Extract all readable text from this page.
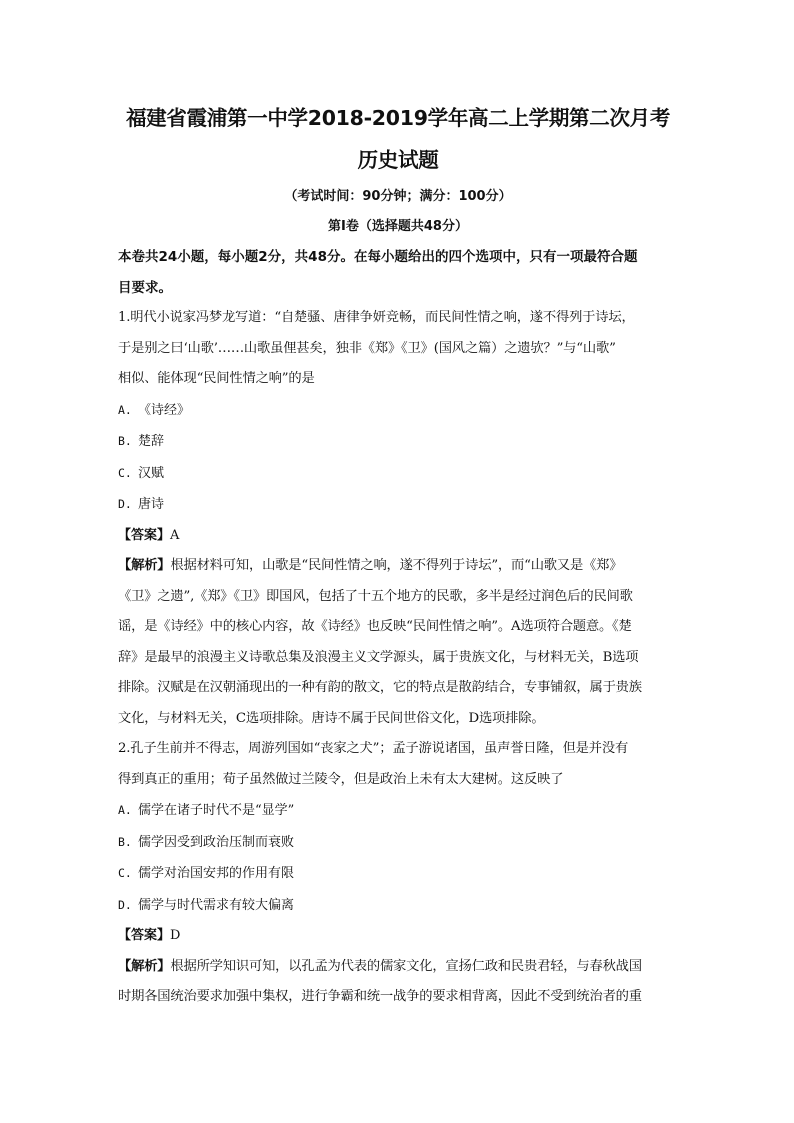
福建省霞浦第一中学2018-2019学年高二上学期第二次月考

历史试题

（考试时间：90分钟；满分：100分）

第Ⅰ卷（选择题共48分）

本卷共24小题，每小题2分，共48分。在每小题给出的四个选项中，只有一项最符合题

目要求。

1.明代小说家冯梦龙写道：“自楚骚、唐律争妍竞畅，而民间性情之响，遂不得列于诗坛，

于是别之曰‘山歌’……山歌虽俚甚矣，独非《郑》《卫》(国风之篇）之遗欤？”与“山歌”

相似、能体现“民间性情之响”的是

A. 《诗经》

B. 楚辞

C. 汉赋

D. 唐诗

【答案】A

【解析】根据材料可知，山歌是“民间性情之响，遂不得列于诗坛”，而“山歌又是《郑》

《卫》之遗”,《郑》《卫》即国风，包括了十五个地方的民歌，多半是经过润色后的民间歌

谣，是《诗经》中的核心内容，故《诗经》也反映“民间性情之响”。A选项符合题意。《楚

辞》是最早的浪漫主义诗歌总集及浪漫主义文学源头，属于贵族文化，与材料无关，B选项

排除。汉赋是在汉朝涌现出的一种有韵的散文，它的特点是散韵结合，专事铺叙，属于贵族

文化，与材料无关，C选项排除。唐诗不属于民间世俗文化，D选项排除。

2.孔子生前并不得志，周游列国如“丧家之犬”；孟子游说诸国，虽声誉日隆，但是并没有

得到真正的重用；荀子虽然做过兰陵令，但是政治上未有太大建树。这反映了

A. 儒学在诸子时代不是“显学”

B. 儒学因受到政治压制而衰败

C. 儒学对治国安邦的作用有限

D. 儒学与时代需求有较大偏离

【答案】D

【解析】根据所学知识可知，以孔孟为代表的儒家文化，宣扬仁政和民贵君轻，与春秋战国

时期各国统治要求加强中集权，进行争霸和统一战争的要求相背离，因此不受到统治者的重
